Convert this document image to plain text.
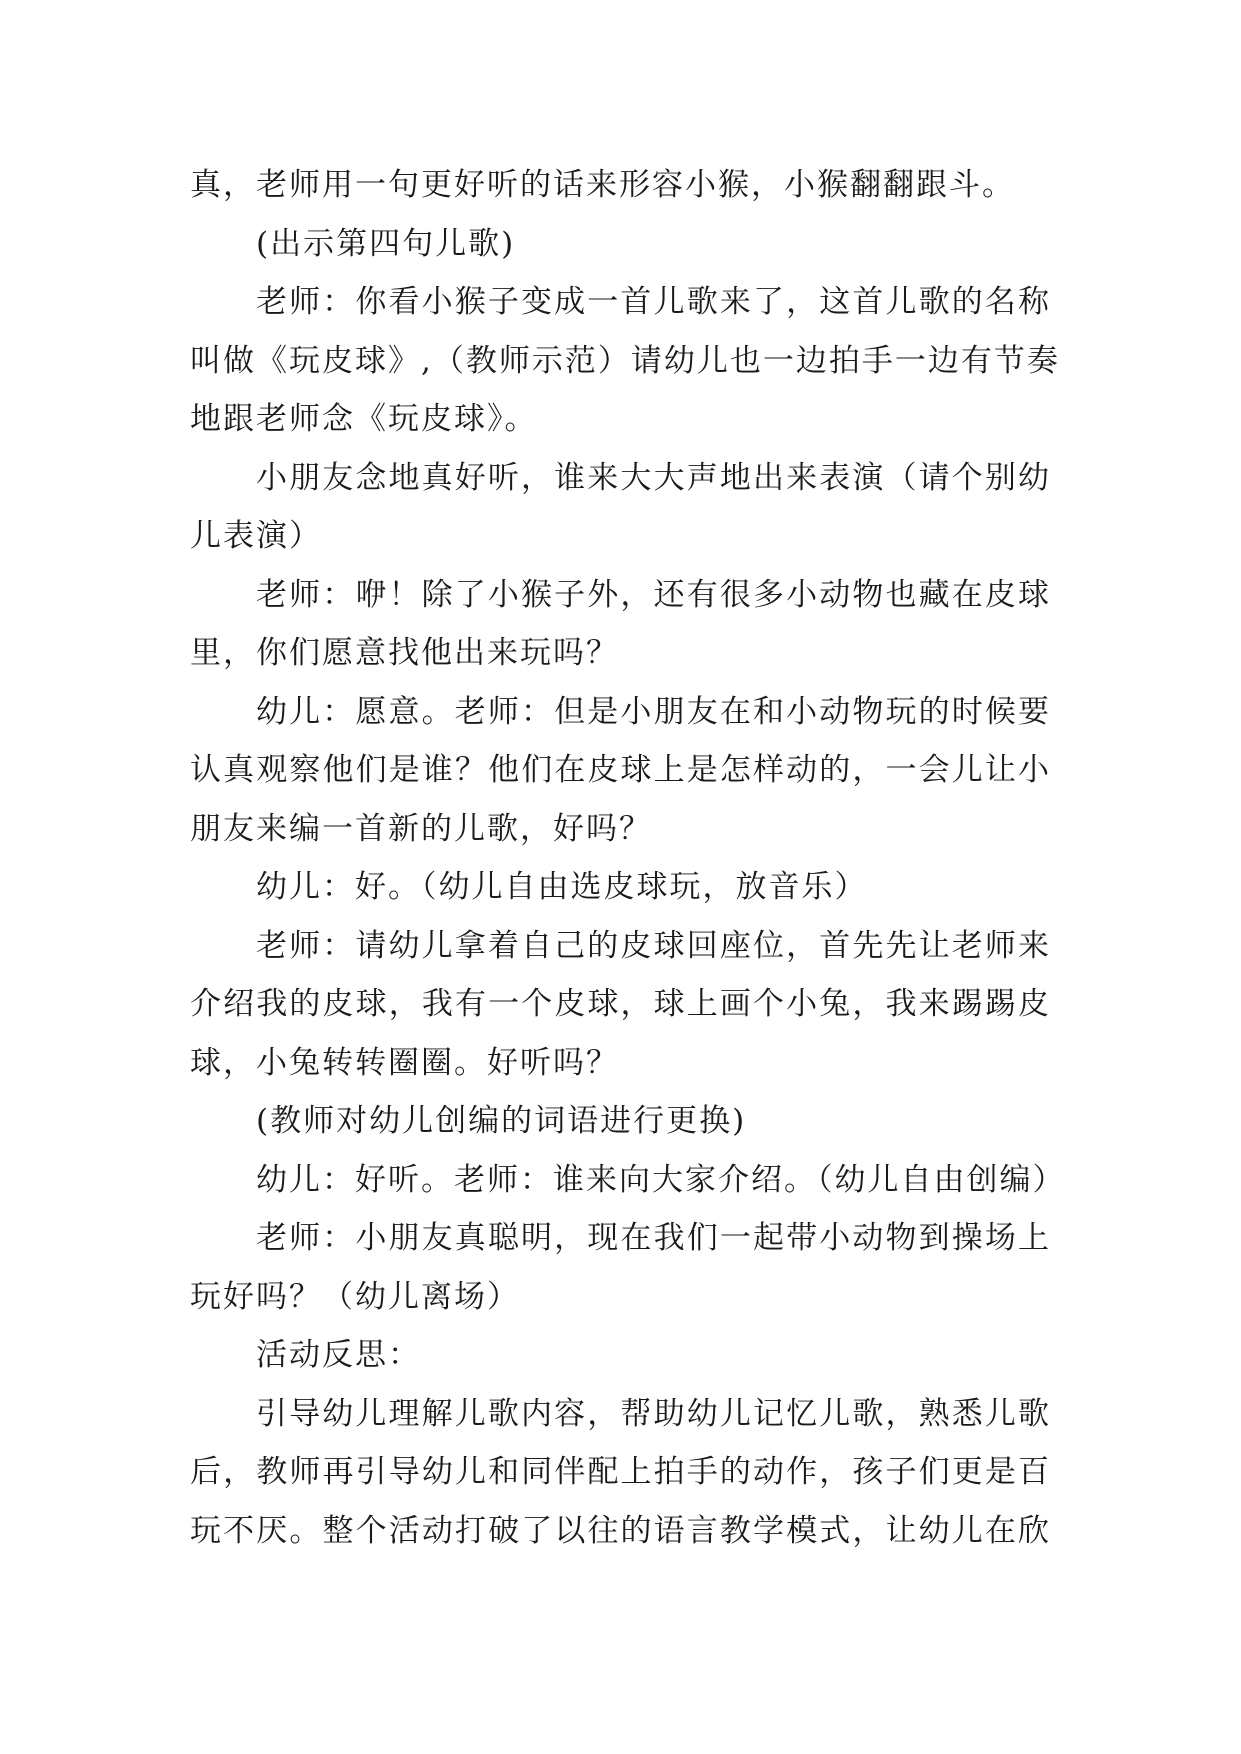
真，老师用一句更好听的话来形容小猴，小猴翻翻跟斗。
(出示第四句儿歌)
老师：你看小猴子变成一首儿歌来了，这首儿歌的名称
叫做《玩皮球》,（教师示范）请幼儿也一边拍手一边有节奏
地跟老师念《玩皮球》。
小朋友念地真好听，谁来大大声地出来表演（请个别幼
儿表演）
老师：咿！除了小猴子外，还有很多小动物也藏在皮球
里，你们愿意找他出来玩吗？
幼儿：愿意。老师：但是小朋友在和小动物玩的时候要
认真观察他们是谁？他们在皮球上是怎样动的，一会儿让小
朋友来编一首新的儿歌，好吗？
幼儿：好。（幼儿自由选皮球玩，放音乐）
老师：请幼儿拿着自己的皮球回座位，首先先让老师来
介绍我的皮球，我有一个皮球，球上画个小兔，我来踢踢皮
球，小兔转转圈圈。好听吗？
(教师对幼儿创编的词语进行更换)
幼儿：好听。老师：谁来向大家介绍。（幼儿自由创编）
老师：小朋友真聪明，现在我们一起带小动物到操场上
玩好吗？（幼儿离场）
活动反思：
引导幼儿理解儿歌内容，帮助幼儿记忆儿歌，熟悉儿歌
后，教师再引导幼儿和同伴配上拍手的动作，孩子们更是百
玩不厌。整个活动打破了以往的语言教学模式，让幼儿在欣
